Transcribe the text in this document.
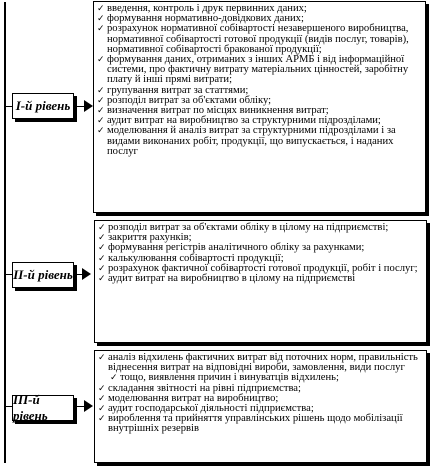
I-й рівень
ІІ-й рівень
ІІІ-й рівень
✓ введення, контроль і друк первинних даних;
✓ формування нормативно-довідкових даних;
✓ розрахунок нормативної собівартості незавершеного виробництва, нормативної собівартості готової продукції (видів послуг, товарів), нормативної собівартості бракованої продукції;
✓ формування даних, отриманих з інших АРМБ і від інформаційної системи, про фактичну витрату матеріальних цінностей, заробітну плату й інші прямі витрати;
✓ групування витрат за статтями;
✓ розподіл витрат за об'єктами обліку;
✓ визначення витрат по місцях виникнення витрат;
✓ аудит витрат на виробництво за структурними підрозділами;
✓ моделювання й аналіз витрат за структурними підрозділами і за видами виконаних робіт, продукції, що випускається, і наданих послуг
✓ розподіл витрат за об'єктами обліку в цілому на підприємстві;
✓ закриття рахунків;
✓ формування регістрів аналітичного обліку за рахунками;
✓ калькулювання собівартості продукції;
✓ розрахунок фактичної собівартості готової продукції, робіт і послуг;
✓ аудит витрат на виробництво в цілому на підприємстві
✓ аналіз відхилень фактичних витрат від поточних норм, правильність віднесення витрат на відповідні вироби, замовлення, види послуг
✓ тощо, виявлення причин і винуватців відхилень;
✓ складання звітності на рівні підприємства;
✓ моделювання витрат на виробництво;
✓ аудит господарської діяльності підприємства;
✓ вироблення та прийняття управлінських рішень щодо мобілізації внутрішніх резервів
